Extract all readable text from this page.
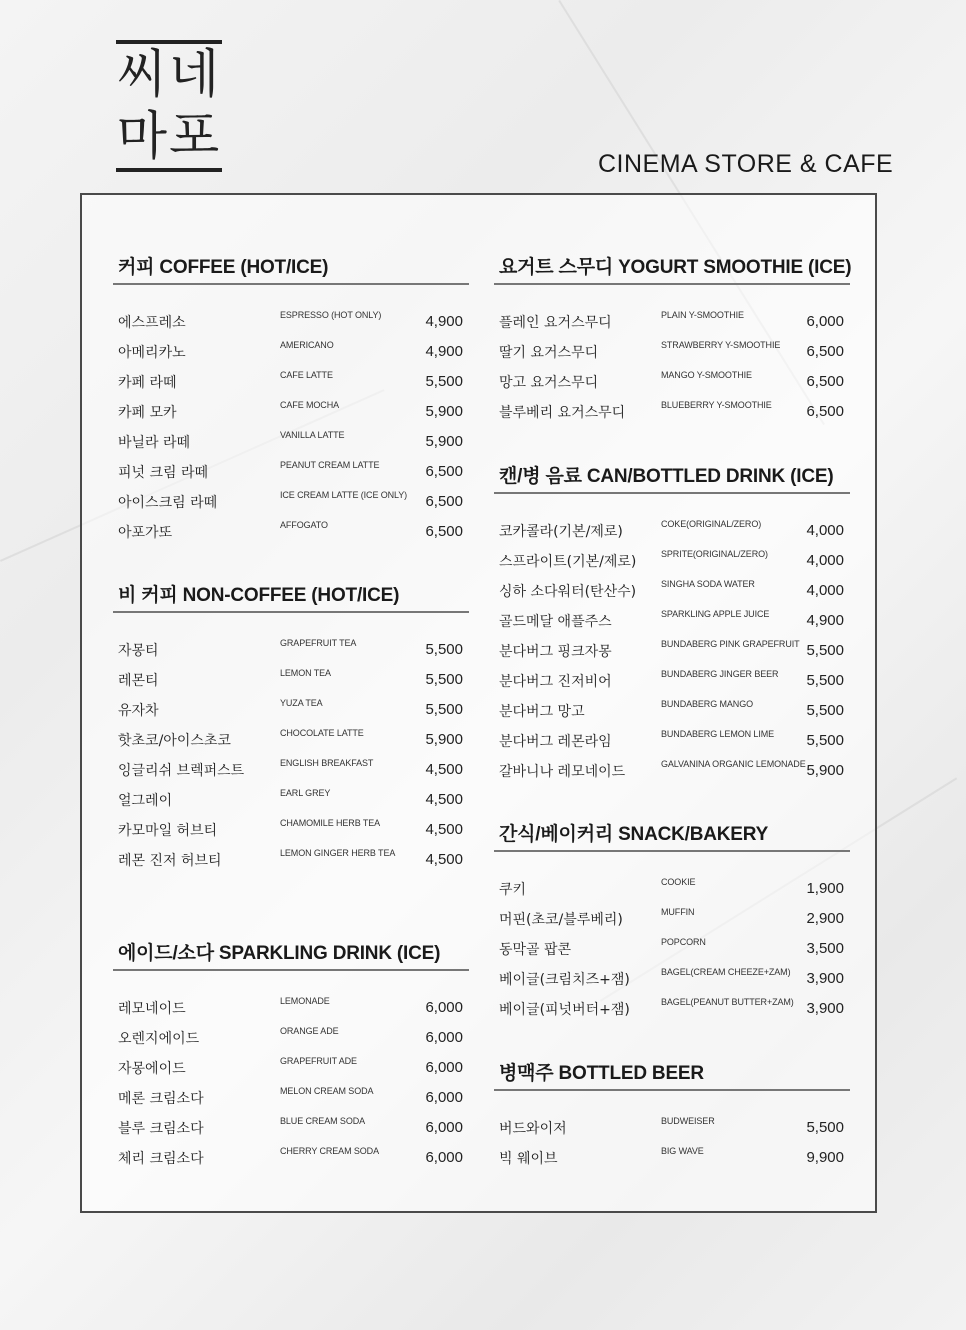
씨네
마포	CINEMA STORE & CAFE
커피 COFFEE (HOT/ICE)
에스프레소	ESPRESSO (HOT ONLY)	4,900
아메리카노	AMERICANO	4,900
카페 라떼	CAFE LATTE	5,500
카페 모카	CAFE MOCHA	5,900
바닐라 라떼	VANILLA LATTE	5,900
피넛 크림 라떼	PEANUT CREAM LATTE	6,500
아이스크림 라떼	ICE CREAM LATTE (ICE ONLY) 6,500
아포가또	AFFOGATO	6,500
비 커피 NON-COFFEE (HOT/ICE)
자몽티	GRAPEFRUIT TEA	5,500
레몬티	LEMON TEA	5,500
유자차	YUZA TEA	5,500
핫초코/아이스초코	CHOCOLATE LATTE	5,900
잉글리쉬 브렉퍼스트	ENGLISH BREAKFAST	4,500
얼그레이	EARL GREY	4,500
카모마일 허브티	CHAMOMILE HERB TEA	4,500
레몬 진저 허브티	LEMON GINGER HERB TEA 4,500
에이드/소다 SPARKLING DRINK (ICE)
레모네이드	LEMONADE	6,000
오렌지에이드	ORANGE ADE	6,000
자몽에이드	GRAPEFRUIT ADE	6,000
메론 크림소다	MELON CREAM SODA	6,000
블루 크림소다	BLUE CREAM SODA	6,000
체리 크림소다	CHERRY CREAM SODA	6,000
요거트 스무디 YOGURT SMOOTHIE (ICE)
플레인 요거스무디	PLAIN Y-SMOOTHIE	6,000
딸기 요거스무디	STRAWBERRY Y-SMOOTHIE 6,500
망고 요거스무디	MANGO Y-SMOOTHIE	6,500
블루베리 요거스무디	BLUEBERRY Y-SMOOTHIE 6,500
캔/병 음료 CAN/BOTTLED DRINK (ICE)
코카콜라(기본/제로)	COKE(ORIGINAL/ZERO)	4,000
스프라이트(기본/제로)	SPRITE(ORIGINAL/ZERO)	4,000
싱하 소다워터(탄산수)	SINGHA SODA WATER	4,000
골드메달 애플주스	SPARKLING APPLE JUICE 4,900
분다버그 핑크자몽	BUNDABERG PINK GRAPEFRUIT 5,500
분다버그 진저비어	BUNDABERG JINGER BEER 5,500
분다버그 망고	BUNDABERG MANGO	5,500
분다버그 레몬라임	BUNDABERG LEMON LIME 5,500
갈바니나 레모네이드	GALVANINA ORGANIC LEMONADE 5,900
간식/베이커리 SNACK/BAKERY
쿠키	COOKIE	1,900
머핀(초코/블루베리)	MUFFIN	2,900
동막골 팝콘	POPCORN	3,500
베이글(크림치즈+잼)	BAGEL(CREAM CHEEZE+ZAM) 3,900
베이글(피넛버터+잼)	BAGEL(PEANUT BUTTER+ZAM) 3,900
병맥주 BOTTLED BEER
버드와이저	BUDWEISER	5,500
빅 웨이브	BIG WAVE	9,900
